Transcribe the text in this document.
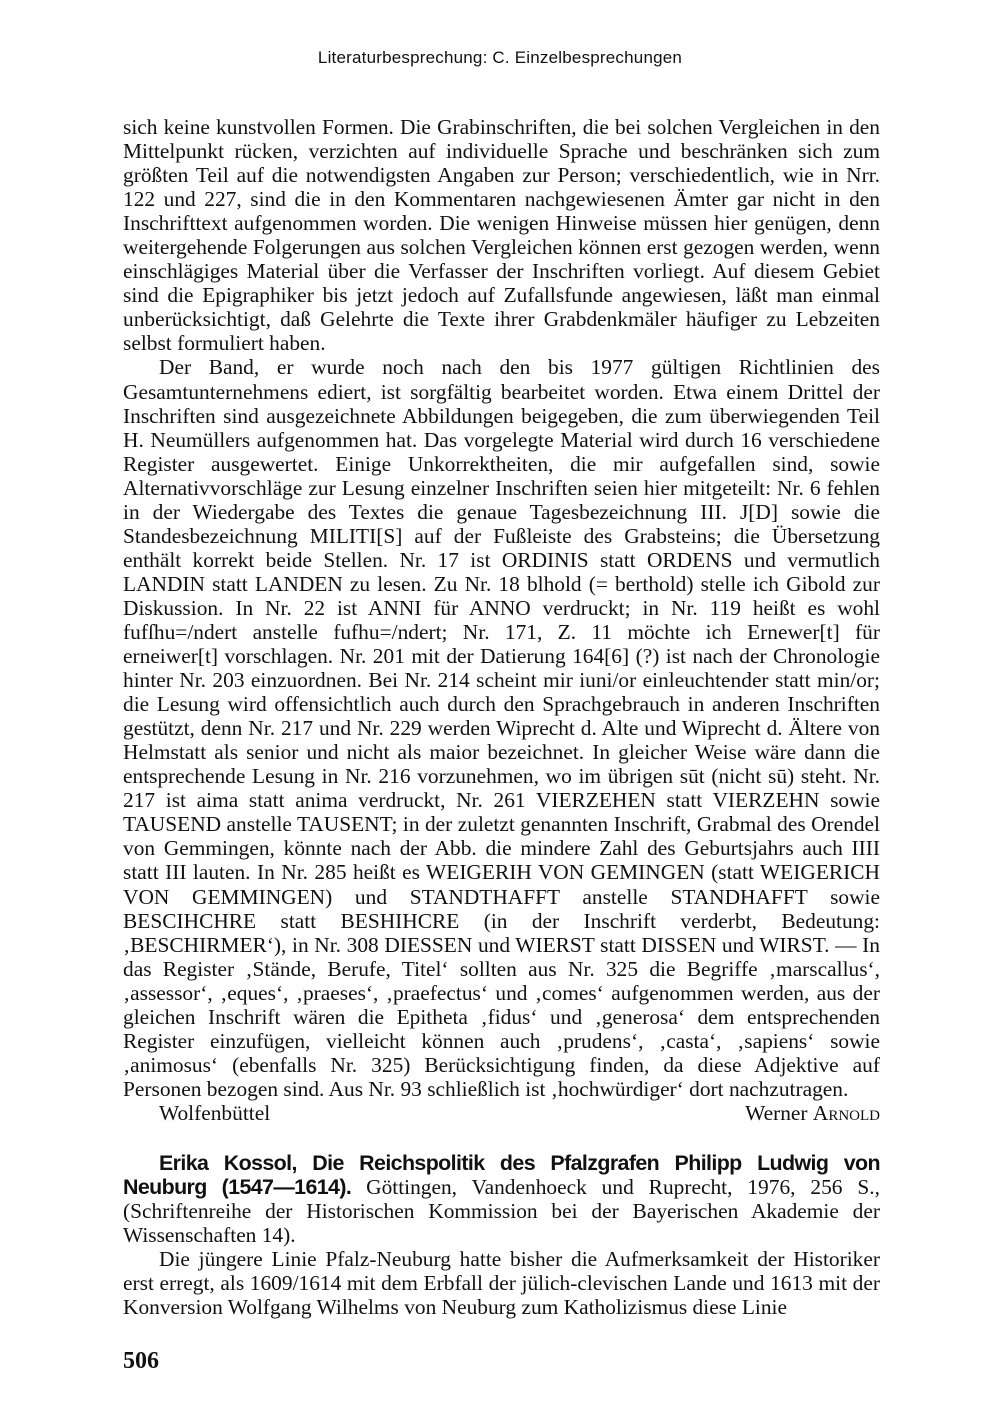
Literaturbesprechung: C. Einzelbesprechungen

sich keine kunstvollen Formen. Die Grabinschriften, die bei solchen Vergleichen in den Mittelpunkt rücken, verzichten auf individuelle Sprache und beschränken sich zum größten Teil auf die notwendigsten Angaben zur Person; verschiedentlich, wie in Nrr. 122 und 227, sind die in den Kommentaren nachgewiesenen Ämter gar nicht in den Inschrifttext aufgenommen worden. Die wenigen Hinweise müssen hier genügen, denn weitergehende Folgerungen aus solchen Vergleichen können erst gezogen werden, wenn einschlägiges Material über die Verfasser der Inschriften vorliegt. Auf diesem Gebiet sind die Epigraphiker bis jetzt jedoch auf Zufallsfunde angewiesen, läßt man einmal unberücksichtigt, daß Gelehrte die Texte ihrer Grabdenkmäler häufiger zu Lebzeiten selbst formuliert haben.

Der Band, er wurde noch nach den bis 1977 gültigen Richtlinien des Gesamtunternehmens ediert, ist sorgfältig bearbeitet worden. Etwa einem Drittel der Inschriften sind ausgezeichnete Abbildungen beigegeben, die zum überwiegenden Teil H. Neumüllers aufgenommen hat. Das vorgelegte Material wird durch 16 verschiedene Register ausgewertet. Einige Unkorrektheiten, die mir aufgefallen sind, sowie Alternativvorschläge zur Lesung einzelner Inschriften seien hier mitgeteilt: Nr. 6 fehlen in der Wiedergabe des Textes die genaue Tagesbezeichnung III. J[D] sowie die Standesbezeichnung MILITI[S] auf der Fußleiste des Grabsteins; die Übersetzung enthält korrekt beide Stellen. Nr. 17 ist ORDINIS statt ORDENS und vermutlich LANDIN statt LANDEN zu lesen. Zu Nr. 18 blhold (= berthold) stelle ich Gibold zur Diskussion. In Nr. 22 ist ANNI für ANNO verdruckt; in Nr. 119 heißt es wohl fufſhu=/ndert anstelle fufhu=/ndert; Nr. 171, Z. 11 möchte ich Ernewer[t] für erneiwer[t] vorschlagen. Nr. 201 mit der Datierung 164[6] (?) ist nach der Chronologie hinter Nr. 203 einzuordnen. Bei Nr. 214 scheint mir iuni/or einleuchtender statt min/or; die Lesung wird offensichtlich auch durch den Sprachgebrauch in anderen Inschriften gestützt, denn Nr. 217 und Nr. 229 werden Wiprecht d. Alte und Wiprecht d. Ältere von Helmstatt als senior und nicht als maior bezeichnet. In gleicher Weise wäre dann die entsprechende Lesung in Nr. 216 vorzunehmen, wo im übrigen sūt (nicht sū) steht. Nr. 217 ist aima statt anima verdruckt, Nr. 261 VIERZEHEN statt VIERZEHN sowie TAUSEND anstelle TAUSENT; in der zuletzt genannten Inschrift, Grabmal des Orendel von Gemmingen, könnte nach der Abb. die mindere Zahl des Geburtsjahrs auch IIII statt III lauten. In Nr. 285 heißt es WEIGERIH VON GEMINGEN (statt WEIGERICH VON GEMMINGEN) und STANDTHAFFT anstelle STANDHAFFT sowie BESCIHCHRE statt BESHIHCRE (in der Inschrift verderbt, Bedeutung: ‚BESCHIRMER‘), in Nr. 308 DIESSEN und WIERST statt DISSEN und WIRST. — In das Register ‚Stände, Berufe, Titel‘ sollten aus Nr. 325 die Begriffe ‚marscallus‘, ‚assessor‘, ‚eques‘, ‚praeses‘, ‚praefectus‘ und ‚comes‘ aufgenommen werden, aus der gleichen Inschrift wären die Epitheta ‚fidus‘ und ‚generosa‘ dem entsprechenden Register einzufügen, vielleicht können auch ‚prudens‘, ‚casta‘, ‚sapiens‘ sowie ‚animosus‘ (ebenfalls Nr. 325) Berücksichtigung finden, da diese Adjektive auf Personen bezogen sind. Aus Nr. 93 schließlich ist ‚hochwürdiger‘ dort nachzutragen.

Wolfenbüttel	Werner Arnold

Erika Kossol, Die Reichspolitik des Pfalzgrafen Philipp Ludwig von Neuburg (1547—1614). Göttingen, Vandenhoeck und Ruprecht, 1976, 256 S., (Schriftenreihe der Historischen Kommission bei der Bayerischen Akademie der Wissenschaften 14).

Die jüngere Linie Pfalz-Neuburg hatte bisher die Aufmerksamkeit der Historiker erst erregt, als 1609/1614 mit dem Erbfall der jülich-clevischen Lande und 1613 mit der Konversion Wolfgang Wilhelms von Neuburg zum Katholizismus diese Linie

506
